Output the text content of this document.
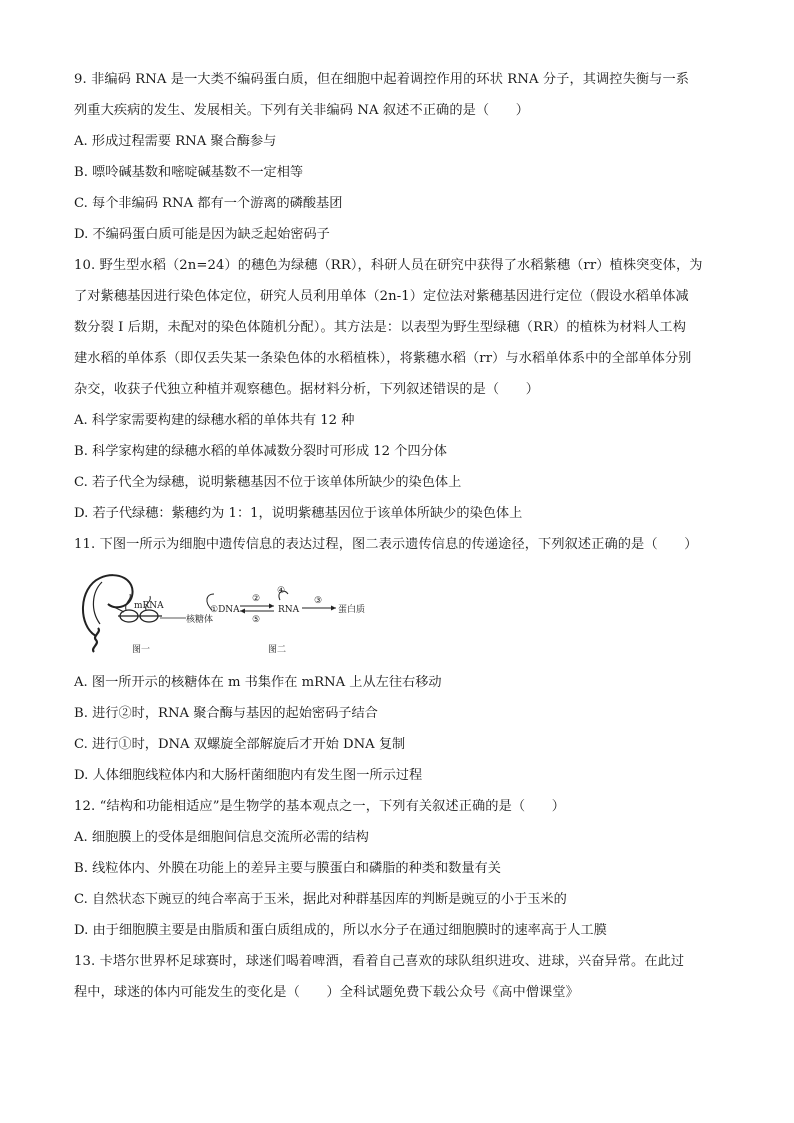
9. 非编码 RNA 是一大类不编码蛋白质，但在细胞中起着调控作用的环状 RNA 分子，其调控失衡与一系
列重大疾病的发生、发展相关。下列有关非编码 NA 叙述不正确的是（　　）
A. 形成过程需要 RNA 聚合酶参与
B. 嘌呤碱基数和嘧啶碱基数不一定相等
C. 每个非编码 RNA 都有一个游离的磷酸基团
D. 不编码蛋白质可能是因为缺乏起始密码子
10. 野生型水稻（2n=24）的穗色为绿穗（RR），科研人员在研究中获得了水稻紫穗（rr）植株突变体，为
了对紫穗基因进行染色体定位，研究人员利用单体（2n-1）定位法对紫穗基因进行定位（假设水稻单体减
数分裂 I 后期，未配对的染色体随机分配）。其方法是：以表型为野生型绿穗（RR）的植株为材料人工构
建水稻的单体系（即仅丢失某一条染色体的水稻植株），将紫穗水稻（rr）与水稻单体系中的全部单体分别
杂交，收获子代独立种植并观察穗色。据材料分析，下列叙述错误的是（　　）
A. 科学家需要构建的绿穗水稻的单体共有 12 种
B. 科学家构建的绿穗水稻的单体减数分裂时可形成 12 个四分体
C. 若子代全为绿穗，说明紫穗基因不位于该单体所缺少的染色体上
D. 若子代绿穗：紫穗约为 1：1，说明紫穗基因位于该单体所缺少的染色体上
11. 下图一所示为细胞中遗传信息的表达过程，图二表示遗传信息的传递途径，下列叙述正确的是（　　）
mRNA
核糖体
图一
①DNA
②
⑤
④
RNA
③
蛋白质
图二
A. 图一所开示的核糖体在 m 书集作在 mRNA 上从左往右移动
B. 进行②时，RNA 聚合酶与基因的起始密码子结合
C. 进行①时，DNA 双螺旋全部解旋后才开始 DNA 复制
D. 人体细胞线粒体内和大肠杆菌细胞内有发生图一所示过程
12. “结构和功能相适应”是生物学的基本观点之一，下列有关叙述正确的是（　　）
A. 细胞膜上的受体是细胞间信息交流所必需的结构
B. 线粒体内、外膜在功能上的差异主要与膜蛋白和磷脂的种类和数量有关
C. 自然状态下豌豆的纯合率高于玉米，据此对种群基因库的判断是豌豆的小于玉米的
D. 由于细胞膜主要是由脂质和蛋白质组成的，所以水分子在通过细胞膜时的速率高于人工膜
13. 卡塔尔世界杯足球赛时，球迷们喝着啤酒，看着自己喜欢的球队组织进攻、进球，兴奋异常。在此过
程中，球迷的体内可能发生的变化是（　　）全科试题免费下载公众号《高中僧课堂》
